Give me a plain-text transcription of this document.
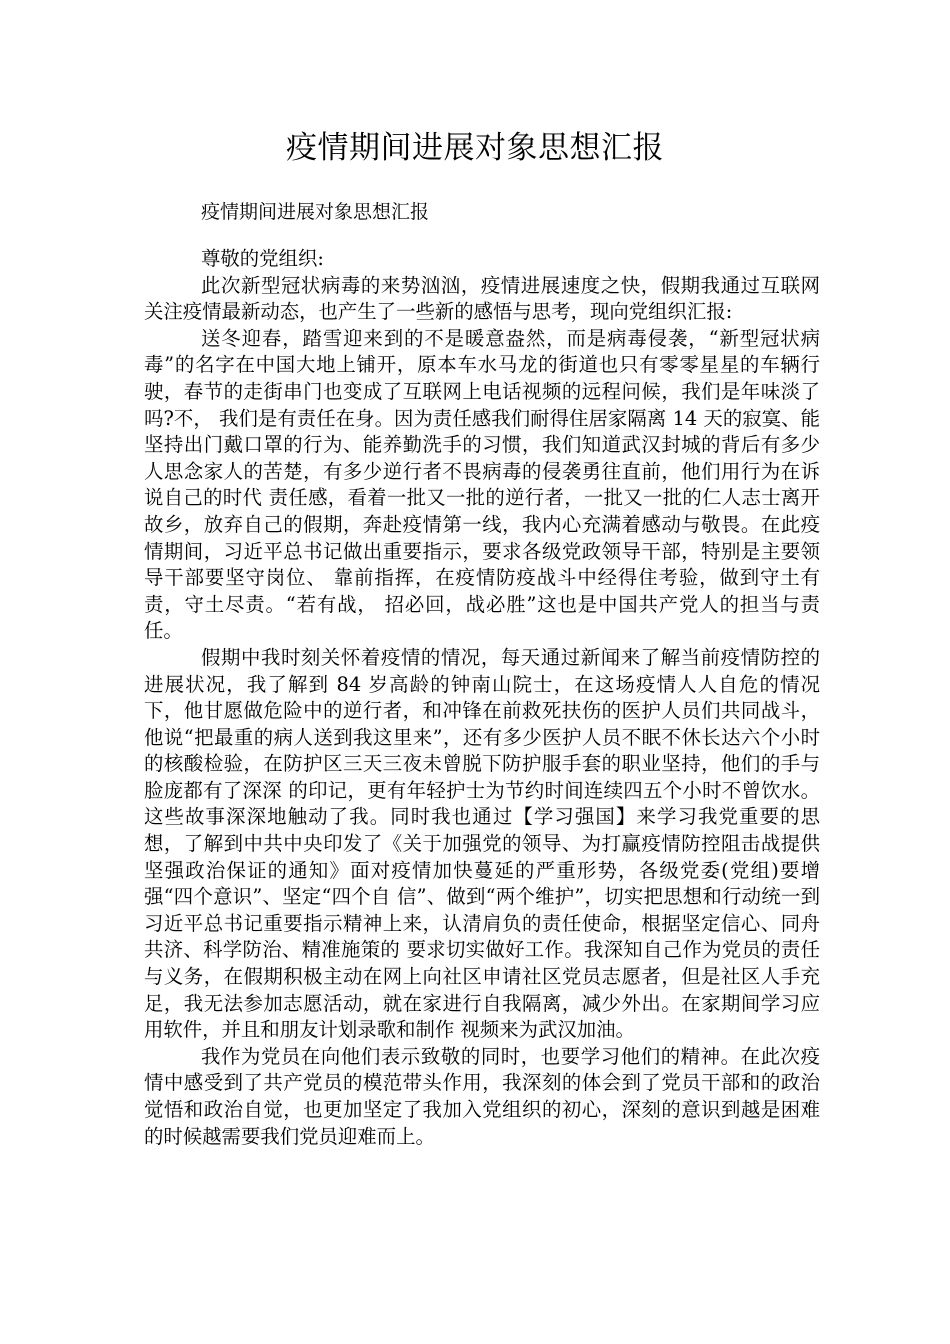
疫情期间进展对象思想汇报
疫情期间进展对象思想汇报

尊敬的党组织:

此次新型冠状病毒的来势汹汹，疫情进展速度之快，假期我通过互联网关注疫情最新动态，也产生了一些新的感悟与思考，现向党组织汇报:

送冬迎春，踏雪迎来到的不是暖意盎然，而是病毒侵袭，“新型冠状病毒”的名字在中国大地上铺开，原本车水马龙的街道也只有零零星星的车辆行驶，春节的走街串门也变成了互联网上电话视频的远程问候，我们是年味淡了吗?不， 我们是有责任在身。因为责任感我们耐得住居家隔离 14 天的寂寞、能坚持出门戴口罩的行为、能养勤洗手的习惯，我们知道武汉封城的背后有多少人思念家人的苦楚，有多少逆行者不畏病毒的侵袭勇往直前，他们用行为在诉说自己的时代 责任感，看着一批又一批的逆行者，一批又一批的仁人志士离开故乡，放弃自己的假期，奔赴疫情第一线，我内心充满着感动与敬畏。在此疫情期间，习近平总书记做出重要指示，要求各级党政领导干部，特别是主要领导干部要坚守岗位、 靠前指挥，在疫情防疫战斗中经得住考验，做到守土有责，守土尽责。“若有战， 招必回，战必胜”这也是中国共产党人的担当与责任。

假期中我时刻关怀着疫情的情况，每天通过新闻来了解当前疫情防控的进展状况，我了解到 84 岁高龄的钟南山院士，在这场疫情人人自危的情况下，他甘愿做危险中的逆行者，和冲锋在前救死扶伤的医护人员们共同战斗，他说“把最重的病人送到我这里来”，还有多少医护人员不眠不休长达六个小时的核酸检验，在防护区三天三夜未曾脱下防护服手套的职业坚持，他们的手与脸庞都有了深深 的印记，更有年轻护士为节约时间连续四五个小时不曾饮水。这些故事深深地触动了我。同时我也通过【学习强国】来学习我党重要的思想，了解到中共中央印发了《关于加强党的领导、为打赢疫情防控阻击战提供坚强政治保证的通知》面对疫情加快蔓延的严重形势，各级党委(党组)要增强“四个意识”、坚定“四个自 信”、做到“两个维护”，切实把思想和行动统一到习近平总书记重要指示精神上来，认清肩负的责任使命，根据坚定信心、同舟共济、科学防治、精准施策的 要求切实做好工作。我深知自己作为党员的责任与义务，在假期积极主动在网上向社区申请社区党员志愿者，但是社区人手充足，我无法参加志愿活动，就在家进行自我隔离，减少外出。在家期间学习应用软件，并且和朋友计划录歌和制作 视频来为武汉加油。

我作为党员在向他们表示致敬的同时，也要学习他们的精神。在此次疫情中感受到了共产党员的模范带头作用，我深刻的体会到了党员干部和的政治觉悟和政治自觉，也更加坚定了我加入党组织的初心，深刻的意识到越是困难的时候越需要我们党员迎难而上。
